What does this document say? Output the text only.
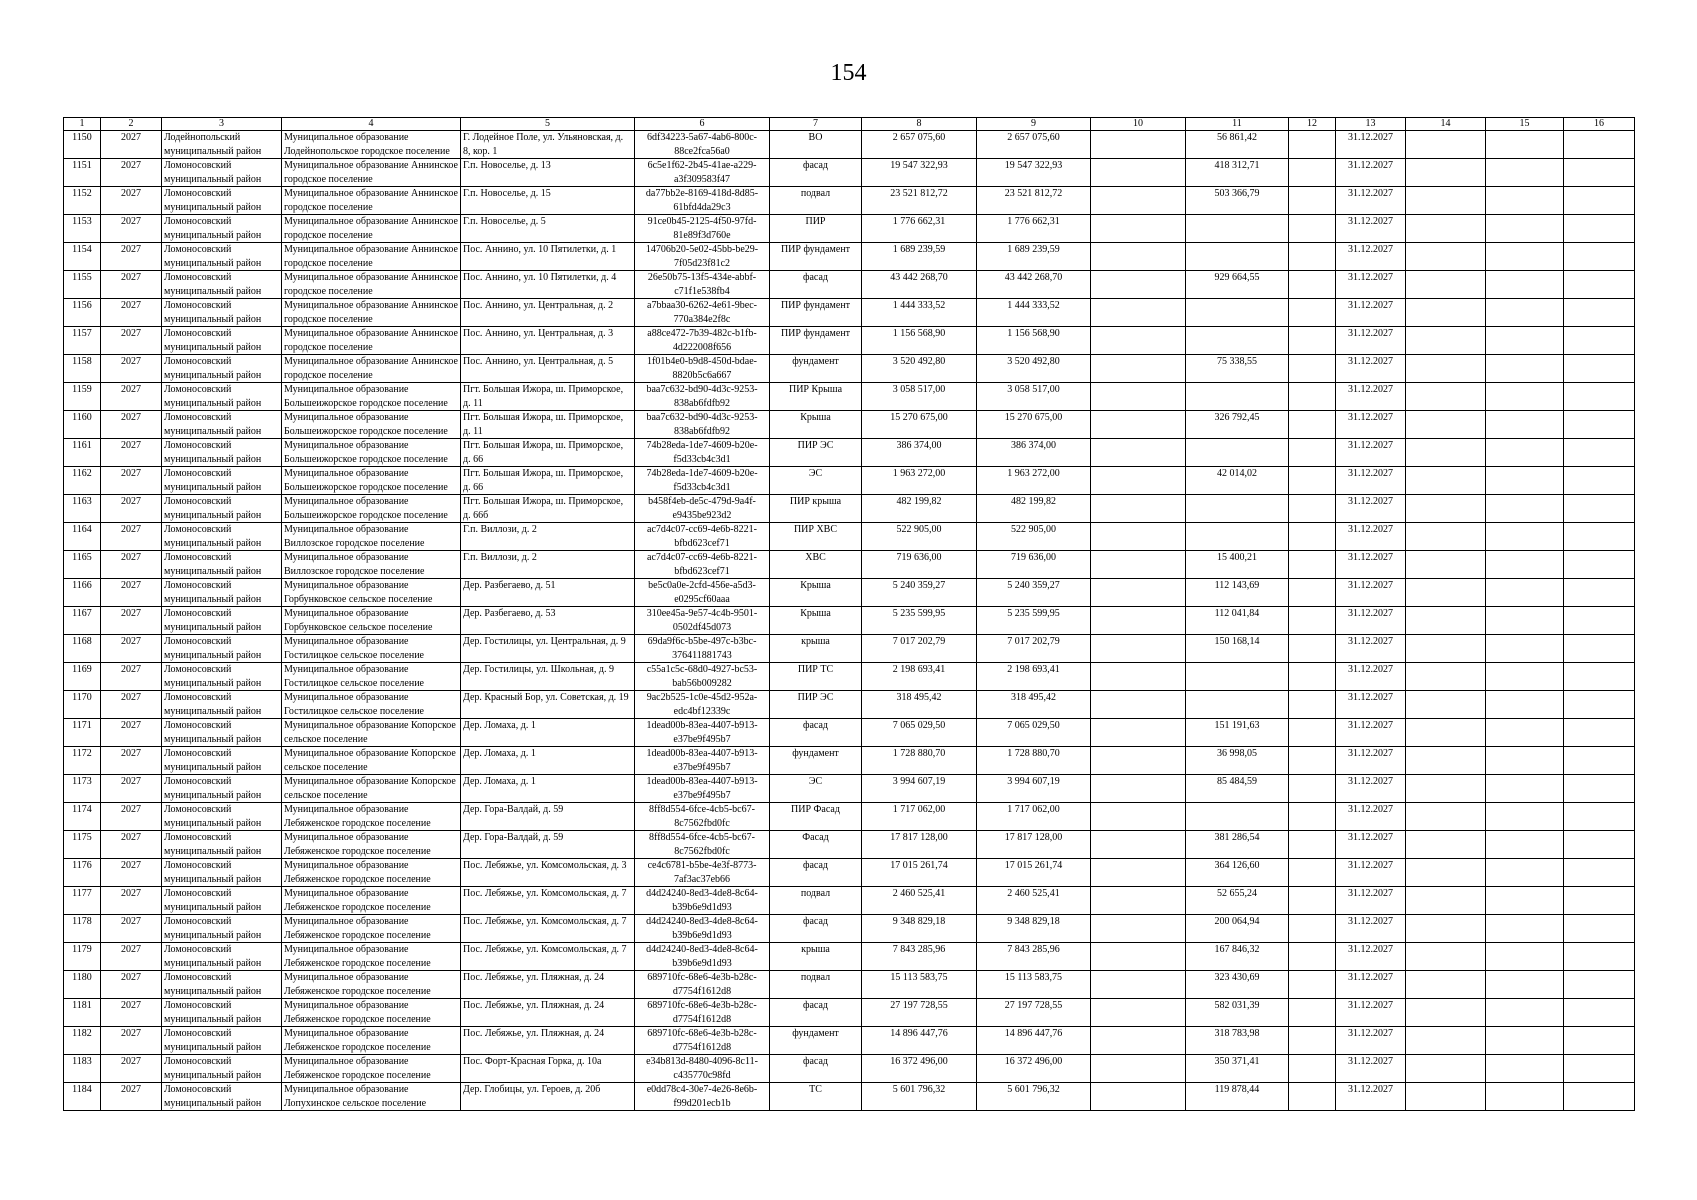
154
1	2	3	4	5	6	7	8	9	10	11	12	13	14	15	16
1150	2027	Лодейнопольский муниципальный район	Муниципальное образование Лодейнопольское городское поселение	Г. Лодейное Поле, ул. Ульяновская, д. 8, кор. 1	6df34223-5a67-4ab6-800c-88ce2fca56a0	ВО	2 657 075,60	2 657 075,60		56 861,42		31.12.2027			
1151	2027	Ломоносовский муниципальный район	Муниципальное образование Аннинское городское поселение	Г.п. Новоселье, д. 13	6c5e1f62-2b45-41ae-a229-a3f309583f47	фасад	19 547 322,93	19 547 322,93		418 312,71		31.12.2027			
1152	2027	Ломоносовский муниципальный район	Муниципальное образование Аннинское городское поселение	Г.п. Новоселье, д. 15	da77bb2e-8169-418d-8d85-61bfd4da29c3	подвал	23 521 812,72	23 521 812,72		503 366,79		31.12.2027			
1153	2027	Ломоносовский муниципальный район	Муниципальное образование Аннинское городское поселение	Г.п. Новоселье, д. 5	91ce0b45-2125-4f50-97fd-81e89f3d760e	ПИР	1 776 662,31	1 776 662,31				31.12.2027			
1154	2027	Ломоносовский муниципальный район	Муниципальное образование Аннинское городское поселение	Пос. Аннино, ул. 10 Пятилетки, д. 1	14706b20-5e02-45bb-be29-7f05d23f81c2	ПИР фундамент	1 689 239,59	1 689 239,59				31.12.2027			
1155	2027	Ломоносовский муниципальный район	Муниципальное образование Аннинское городское поселение	Пос. Аннино, ул. 10 Пятилетки, д. 4	26e50b75-13f5-434e-abbf-c71f1e538fb4	фасад	43 442 268,70	43 442 268,70		929 664,55		31.12.2027			
1156	2027	Ломоносовский муниципальный район	Муниципальное образование Аннинское городское поселение	Пос. Аннино, ул. Центральная, д. 2	a7bbaa30-6262-4e61-9bec-770a384e2f8c	ПИР фундамент	1 444 333,52	1 444 333,52				31.12.2027			
1157	2027	Ломоносовский муниципальный район	Муниципальное образование Аннинское городское поселение	Пос. Аннино, ул. Центральная, д. 3	a88ce472-7b39-482c-b1fb-4d222008f656	ПИР фундамент	1 156 568,90	1 156 568,90				31.12.2027			
1158	2027	Ломоносовский муниципальный район	Муниципальное образование Аннинское городское поселение	Пос. Аннино, ул. Центральная, д. 5	1f01b4e0-b9d8-450d-bdae-8820b5c6a667	фундамент	3 520 492,80	3 520 492,80		75 338,55		31.12.2027			
1159	2027	Ломоносовский муниципальный район	Муниципальное образование Большеижорское городское поселение	Пгт. Большая Ижора, ш. Приморское, д. 11	baa7c632-bd90-4d3c-9253-838ab6fdfb92	ПИР Крыша	3 058 517,00	3 058 517,00				31.12.2027			
1160	2027	Ломоносовский муниципальный район	Муниципальное образование Большеижорское городское поселение	Пгт. Большая Ижора, ш. Приморское, д. 11	baa7c632-bd90-4d3c-9253-838ab6fdfb92	Крыша	15 270 675,00	15 270 675,00		326 792,45		31.12.2027			
1161	2027	Ломоносовский муниципальный район	Муниципальное образование Большеижорское городское поселение	Пгт. Большая Ижора, ш. Приморское, д. 66	74b28eda-1de7-4609-b20e-f5d33cb4c3d1	ПИР ЭС	386 374,00	386 374,00				31.12.2027			
1162	2027	Ломоносовский муниципальный район	Муниципальное образование Большеижорское городское поселение	Пгт. Большая Ижора, ш. Приморское, д. 66	74b28eda-1de7-4609-b20e-f5d33cb4c3d1	ЭС	1 963 272,00	1 963 272,00		42 014,02		31.12.2027			
1163	2027	Ломоносовский муниципальный район	Муниципальное образование Большеижорское городское поселение	Пгт. Большая Ижора, ш. Приморское, д. 66б	b458f4eb-de5c-479d-9a4f-e9435be923d2	ПИР крыша	482 199,82	482 199,82				31.12.2027			
1164	2027	Ломоносовский муниципальный район	Муниципальное образование Виллозское городское поселение	Г.п. Виллози, д. 2	ac7d4c07-cc69-4e6b-8221-bfbd623cef71	ПИР ХВС	522 905,00	522 905,00				31.12.2027			
1165	2027	Ломоносовский муниципальный район	Муниципальное образование Виллозское городское поселение	Г.п. Виллози, д. 2	ac7d4c07-cc69-4e6b-8221-bfbd623cef71	ХВС	719 636,00	719 636,00		15 400,21		31.12.2027			
1166	2027	Ломоносовский муниципальный район	Муниципальное образование Горбунковское сельское поселение	Дер. Разбегаево, д. 51	be5c0a0e-2cfd-456e-a5d3-e0295cf60aaa	Крыша	5 240 359,27	5 240 359,27		112 143,69		31.12.2027			
1167	2027	Ломоносовский муниципальный район	Муниципальное образование Горбунковское сельское поселение	Дер. Разбегаево, д. 53	310ee45a-9e57-4c4b-9501-0502df45d073	Крыша	5 235 599,95	5 235 599,95		112 041,84		31.12.2027			
1168	2027	Ломоносовский муниципальный район	Муниципальное образование Гостилицкое сельское поселение	Дер. Гостилицы, ул. Центральная, д. 9	69da9f6c-b5be-497c-b3bc-376411881743	крыша	7 017 202,79	7 017 202,79		150 168,14		31.12.2027			
1169	2027	Ломоносовский муниципальный район	Муниципальное образование Гостилицкое сельское поселение	Дер. Гостилицы, ул. Школьная, д. 9	c55a1c5c-68d0-4927-bc53-bab56b009282	ПИР ТС	2 198 693,41	2 198 693,41				31.12.2027			
1170	2027	Ломоносовский муниципальный район	Муниципальное образование Гостилицкое сельское поселение	Дер. Красный Бор, ул. Советская, д. 19	9ac2b525-1c0e-45d2-952a-edc4bf12339c	ПИР ЭС	318 495,42	318 495,42				31.12.2027			
1171	2027	Ломоносовский муниципальный район	Муниципальное образование Копорское сельское поселение	Дер. Ломаха, д. 1	1dead00b-83ea-4407-b913-e37be9f495b7	фасад	7 065 029,50	7 065 029,50		151 191,63		31.12.2027			
1172	2027	Ломоносовский муниципальный район	Муниципальное образование Копорское сельское поселение	Дер. Ломаха, д. 1	1dead00b-83ea-4407-b913-e37be9f495b7	фундамент	1 728 880,70	1 728 880,70		36 998,05		31.12.2027			
1173	2027	Ломоносовский муниципальный район	Муниципальное образование Копорское сельское поселение	Дер. Ломаха, д. 1	1dead00b-83ea-4407-b913-e37be9f495b7	ЭС	3 994 607,19	3 994 607,19		85 484,59		31.12.2027			
1174	2027	Ломоносовский муниципальный район	Муниципальное образование Лебяженское городское поселение	Дер. Гора-Валдай, д. 59	8ff8d554-6fce-4cb5-bc67-8c7562fbd0fc	ПИР Фасад	1 717 062,00	1 717 062,00				31.12.2027			
1175	2027	Ломоносовский муниципальный район	Муниципальное образование Лебяженское городское поселение	Дер. Гора-Валдай, д. 59	8ff8d554-6fce-4cb5-bc67-8c7562fbd0fc	Фасад	17 817 128,00	17 817 128,00		381 286,54		31.12.2027			
1176	2027	Ломоносовский муниципальный район	Муниципальное образование Лебяженское городское поселение	Пос. Лебяжье, ул. Комсомольская, д. 3	ce4c6781-b5be-4e3f-8773-7af3ac37eb66	фасад	17 015 261,74	17 015 261,74		364 126,60		31.12.2027			
1177	2027	Ломоносовский муниципальный район	Муниципальное образование Лебяженское городское поселение	Пос. Лебяжье, ул. Комсомольская, д. 7	d4d24240-8ed3-4de8-8c64-b39b6e9d1d93	подвал	2 460 525,41	2 460 525,41		52 655,24		31.12.2027			
1178	2027	Ломоносовский муниципальный район	Муниципальное образование Лебяженское городское поселение	Пос. Лебяжье, ул. Комсомольская, д. 7	d4d24240-8ed3-4de8-8c64-b39b6e9d1d93	фасад	9 348 829,18	9 348 829,18		200 064,94		31.12.2027			
1179	2027	Ломоносовский муниципальный район	Муниципальное образование Лебяженское городское поселение	Пос. Лебяжье, ул. Комсомольская, д. 7	d4d24240-8ed3-4de8-8c64-b39b6e9d1d93	крыша	7 843 285,96	7 843 285,96		167 846,32		31.12.2027			
1180	2027	Ломоносовский муниципальный район	Муниципальное образование Лебяженское городское поселение	Пос. Лебяжье, ул. Пляжная, д. 24	689710fc-68e6-4e3b-b28c-d7754f1612d8	подвал	15 113 583,75	15 113 583,75		323 430,69		31.12.2027			
1181	2027	Ломоносовский муниципальный район	Муниципальное образование Лебяженское городское поселение	Пос. Лебяжье, ул. Пляжная, д. 24	689710fc-68e6-4e3b-b28c-d7754f1612d8	фасад	27 197 728,55	27 197 728,55		582 031,39		31.12.2027			
1182	2027	Ломоносовский муниципальный район	Муниципальное образование Лебяженское городское поселение	Пос. Лебяжье, ул. Пляжная, д. 24	689710fc-68e6-4e3b-b28c-d7754f1612d8	фундамент	14 896 447,76	14 896 447,76		318 783,98		31.12.2027			
1183	2027	Ломоносовский муниципальный район	Муниципальное образование Лебяженское городское поселение	Пос. Форт-Красная Горка, д. 10а	e34b813d-8480-4096-8c11-c435770c98fd	фасад	16 372 496,00	16 372 496,00		350 371,41		31.12.2027			
1184	2027	Ломоносовский муниципальный район	Муниципальное образование Лопухинское сельское поселение	Дер. Глобицы, ул. Героев, д. 20б	e0dd78c4-30e7-4e26-8e6b-f99d201ecb1b	ТС	5 601 796,32	5 601 796,32		119 878,44		31.12.2027			
